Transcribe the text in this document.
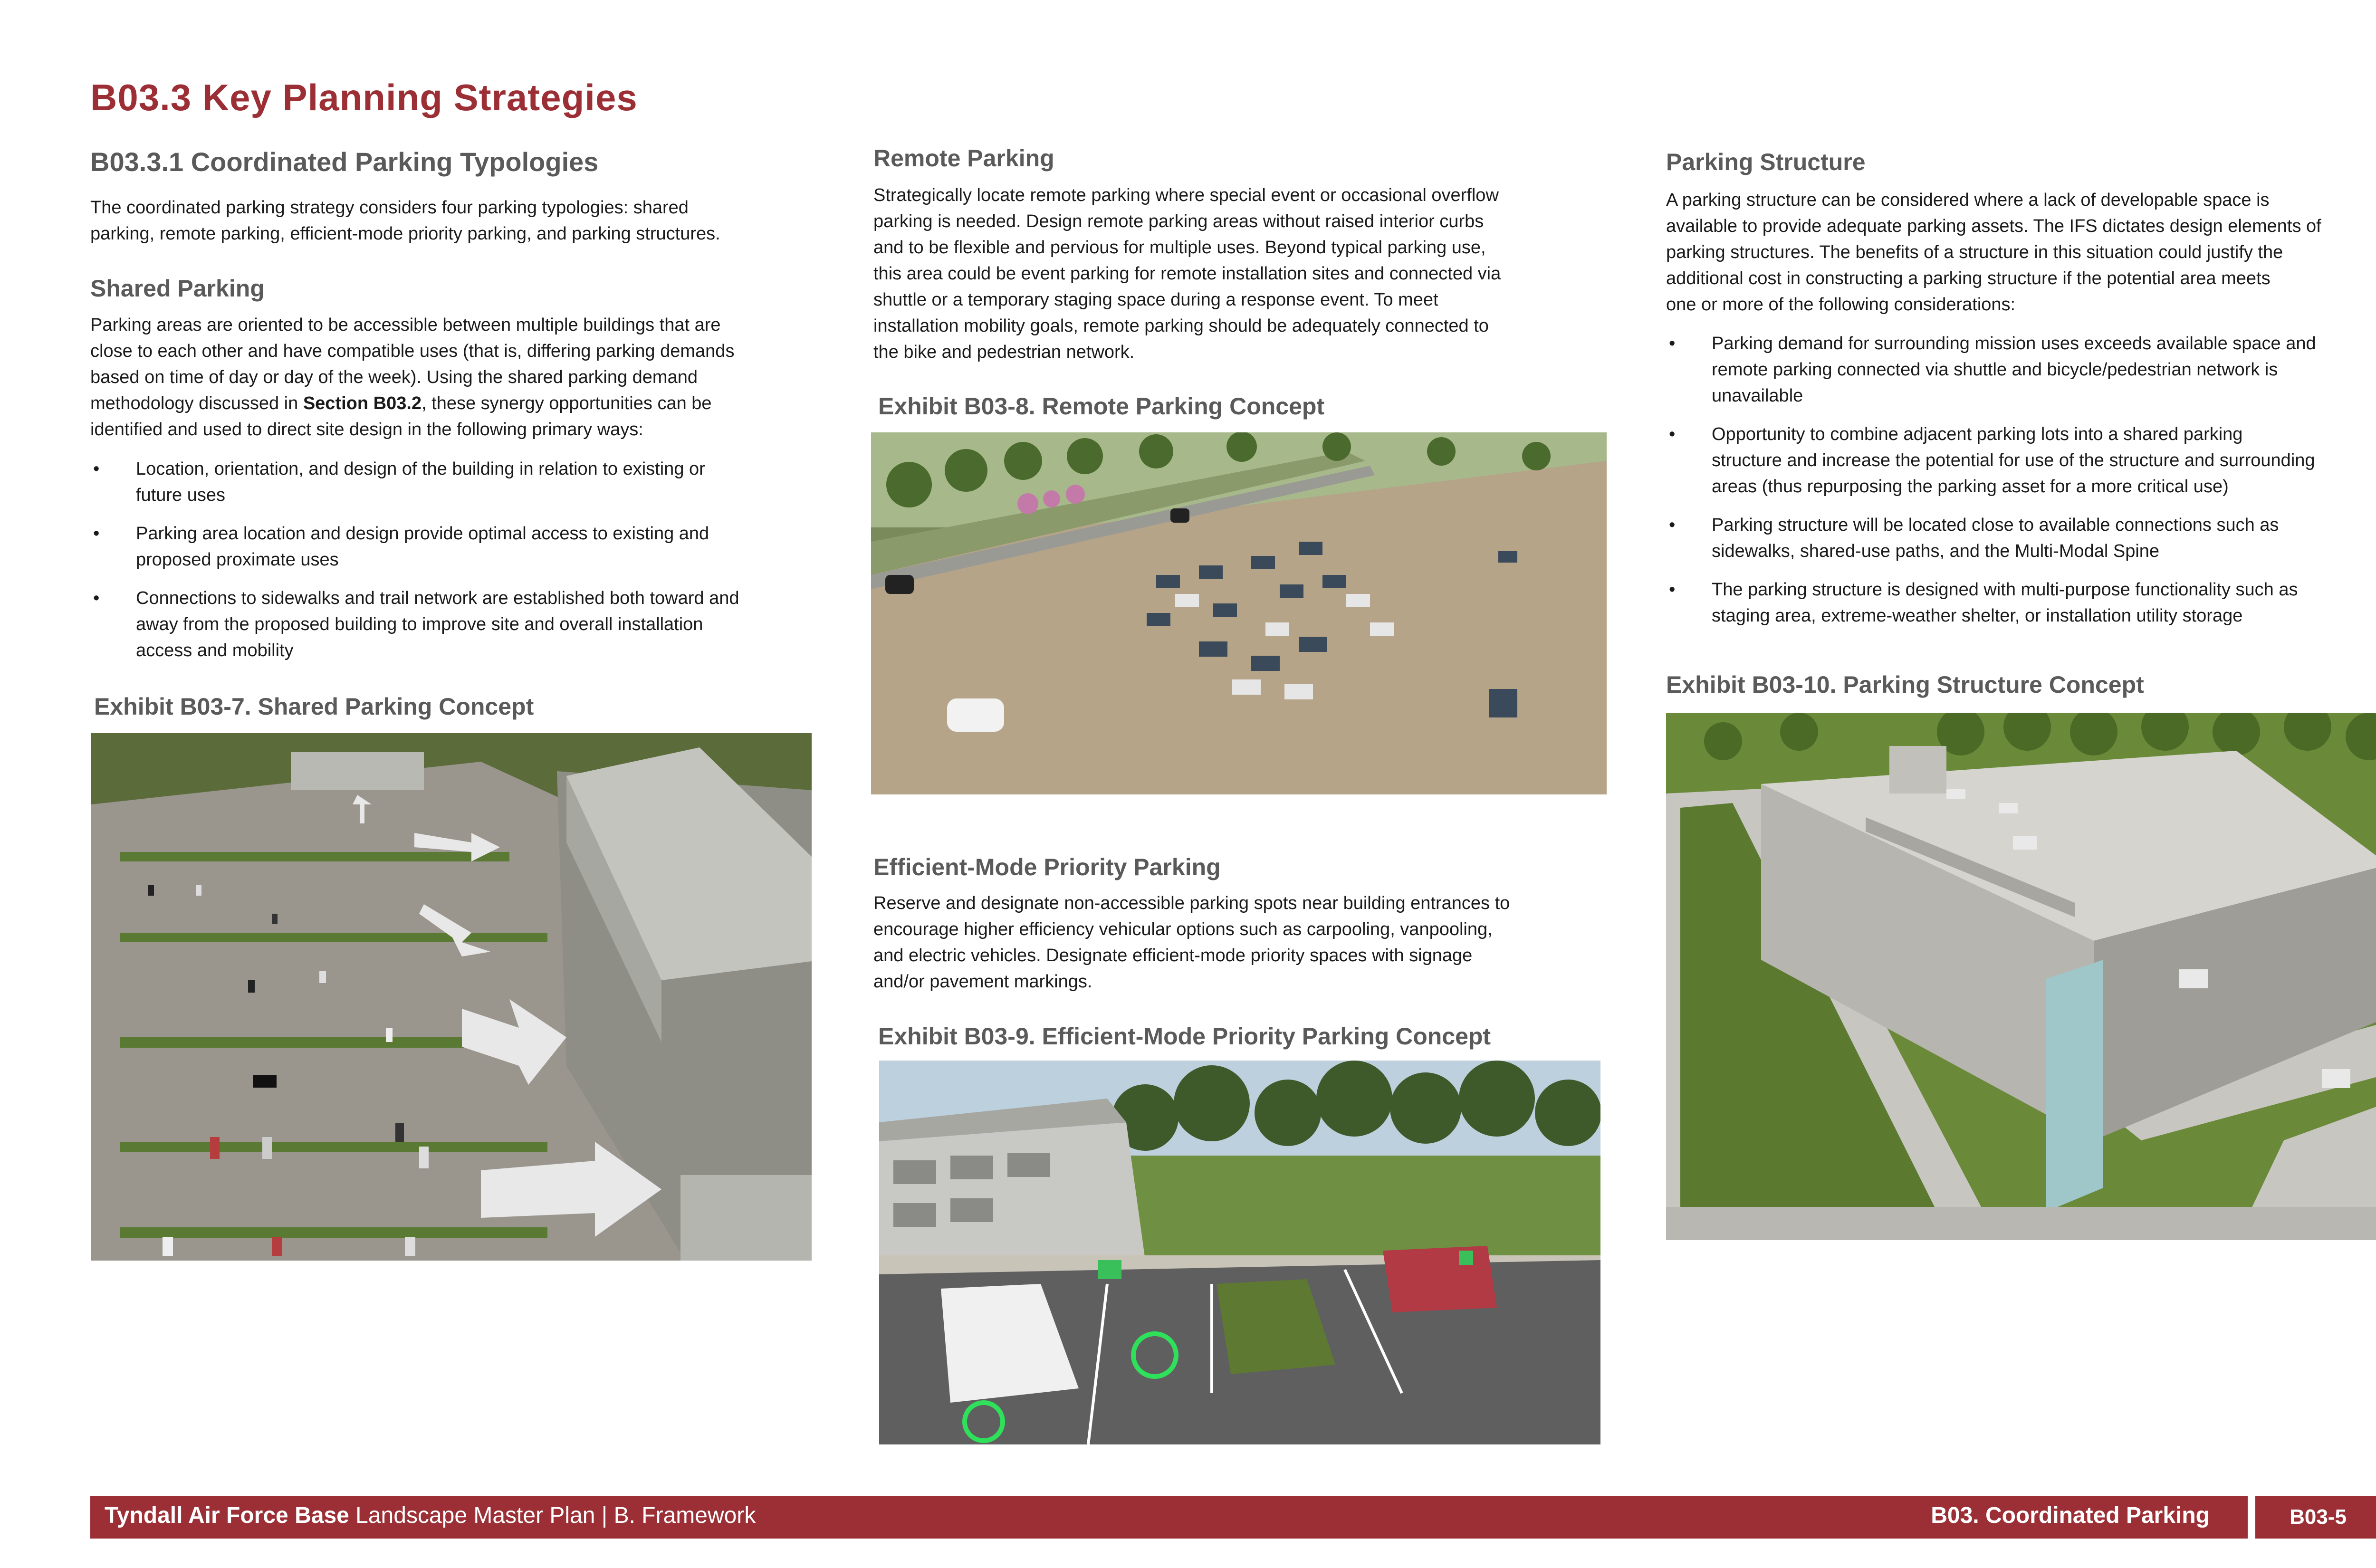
B03.3 Key Planning Strategies
B03.3.1 Coordinated Parking Typologies
The coordinated parking strategy considers four parking typologies: shared
parking, remote parking, efficient-mode priority parking, and parking structures.
Shared Parking
Parking areas are oriented to be accessible between multiple buildings that are
close to each other and have compatible uses (that is, differing parking demands
based on time of day or day of the week). Using the shared parking demand
methodology discussed in Section B03.2, these synergy opportunities can be
identified and used to direct site design in the following primary ways:
• Location, orientation, and design of the building in relation to existing or
future uses
• Parking area location and design provide optimal access to existing and
proposed proximate uses
• Connections to sidewalks and trail network are established both toward and
away from the proposed building to improve site and overall installation
access and mobility
Exhibit B03-7. Shared Parking Concept
Remote Parking
Strategically locate remote parking where special event or occasional overflow
parking is needed. Design remote parking areas without raised interior curbs
and to be flexible and pervious for multiple uses. Beyond typical parking use,
this area could be event parking for remote installation sites and connected via
shuttle or a temporary staging space during a response event. To meet
installation mobility goals, remote parking should be adequately connected to
the bike and pedestrian network.
Exhibit B03-8. Remote Parking Concept
Efficient-Mode Priority Parking
Reserve and designate non-accessible parking spots near building entrances to
encourage higher efficiency vehicular options such as carpooling, vanpooling,
and electric vehicles. Designate efficient-mode priority spaces with signage
and/or pavement markings.
Exhibit B03-9. Efficient-Mode Priority Parking Concept
Parking Structure
A parking structure can be considered where a lack of developable space is
available to provide adequate parking assets. The IFS dictates design elements of
parking structures. The benefits of a structure in this situation could justify the
additional cost in constructing a parking structure if the potential area meets
one or more of the following considerations:
• Parking demand for surrounding mission uses exceeds available space and
remote parking connected via shuttle and bicycle/pedestrian network is
unavailable
• Opportunity to combine adjacent parking lots into a shared parking
structure and increase the potential for use of the structure and surrounding
areas (thus repurposing the parking asset for a more critical use)
• Parking structure will be located close to available connections such as
sidewalks, shared-use paths, and the Multi-Modal Spine
• The parking structure is designed with multi-purpose functionality such as
staging area, extreme-weather shelter, or installation utility storage
Exhibit B03-10. Parking Structure Concept
Tyndall Air Force Base Landscape Master Plan | B. Framework	B03. Coordinated Parking	B03-5
